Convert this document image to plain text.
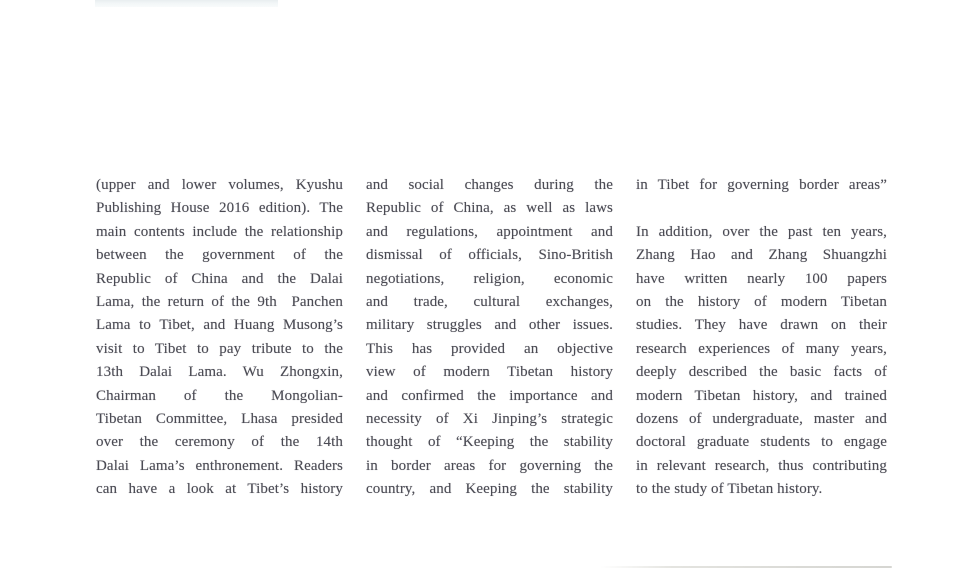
(upper and lower volumes, Kyushu
Publishing House 2016 edition). The
main contents include the relationship
between the government of the
Republic of China and the Dalai
Lama, the return of the 9th  Panchen
Lama to Tibet, and Huang Musong’s
visit to Tibet to pay tribute to the
13th Dalai Lama. Wu Zhongxin,
Chairman of the Mongolian-
Tibetan Committee, Lhasa presided
over the ceremony of the 14th
Dalai Lama’s enthronement. Readers
can have a look at Tibet’s history
and social changes during the
Republic of China, as well as laws
and regulations, appointment and
dismissal of officials, Sino-British
negotiations, religion, economic
and trade, cultural exchanges,
military struggles and other issues.
This has provided an objective
view of modern Tibetan history
and confirmed the importance and
necessity of Xi Jinping’s strategic
thought of “Keeping the stability
in border areas for governing the
country, and Keeping the stability
in Tibet for governing border areas”
In addition, over the past ten years,
Zhang Hao and Zhang Shuangzhi
have written nearly 100 papers
on the history of modern Tibetan
studies. They have drawn on their
research experiences of many years,
deeply described the basic facts of
modern Tibetan history, and trained
dozens of undergraduate, master and
doctoral graduate students to engage
in relevant research, thus contributing
to the study of Tibetan history.
